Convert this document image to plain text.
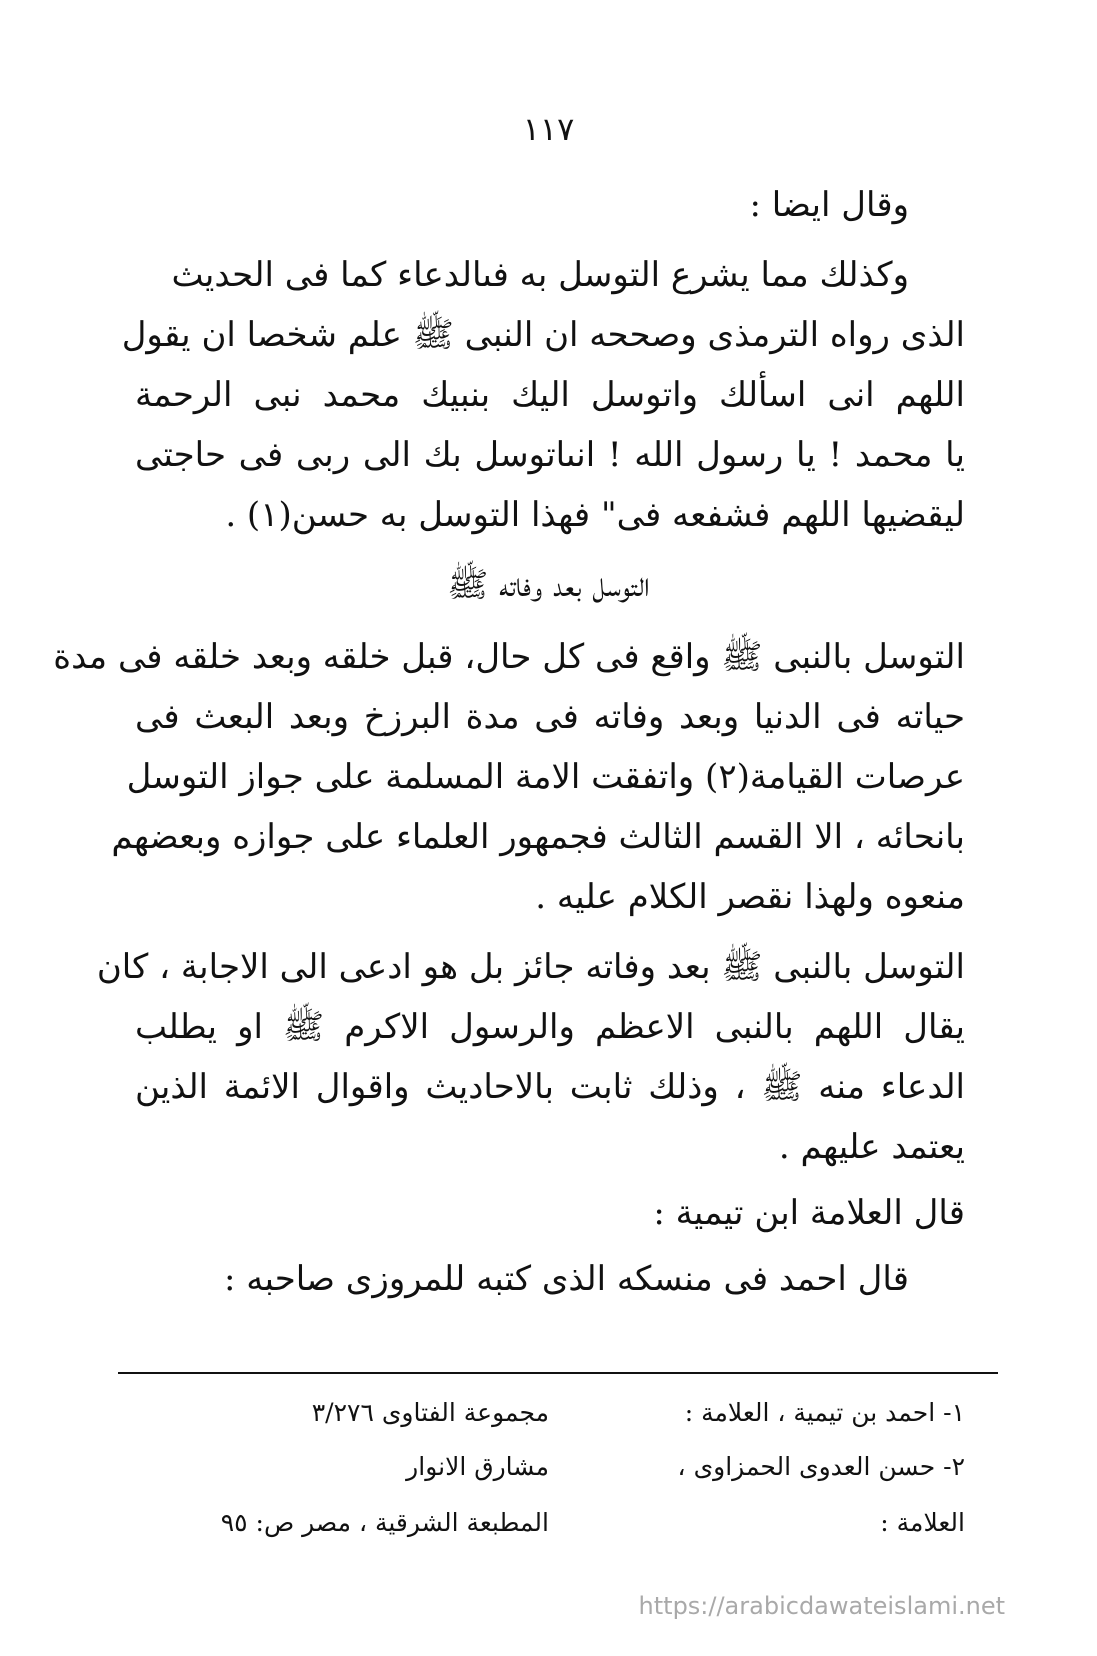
١١٧
وقال ايضا :
وكذلك مما يشرع التوسل به فىالدعاء كما فى الحديث
الذى رواه الترمذى وصححه ان النبى ﷺ علم شخصا ان يقول
اللهم انى اسألك واتوسل اليك بنبيك محمد نبى الرحمة
يا محمد ! يا رسول الله ! انىاتوسل بك الى ربى فى حاجتى
ليقضيها اللهم فشفعه فى" فهذا التوسل به حسن(١) .
التوسل بعد وفاته ﷺ
التوسل بالنبى ﷺ واقع فى كل حال، قبل خلقه وبعد خلقه فى مدة
حياته فى الدنيا وبعد وفاته فى مدة البرزخ وبعد البعث فى
عرصات القيامة(٢) واتفقت الامة المسلمة على جواز التوسل
بانحائه ، الا القسم الثالث فجمهور العلماء على جوازه وبعضهم
منعوه ولهذا نقصر الكلام عليه .
التوسل بالنبى ﷺ بعد وفاته جائز بل هو ادعى الى الاجابة ، كان
يقال اللهم بالنبى الاعظم والرسول الاكرم ﷺ او يطلب
الدعاء منه ﷺ ، وذلك ثابت بالاحاديث واقوال الائمة الذين
يعتمد عليهم .
قال العلامة ابن تيمية :
قال احمد فى منسكه الذى كتبه للمروزى صاحبه :
١- احمد بن تيمية ، العلامة :
مجموعة الفتاوى ٣/٢٧٦
٢- حسن العدوى الحمزاوى ،
مشارق الانوار
العلامة :
المطبعة الشرقية ، مصر ص: ٩٥
https://arabicdawateislami.net
